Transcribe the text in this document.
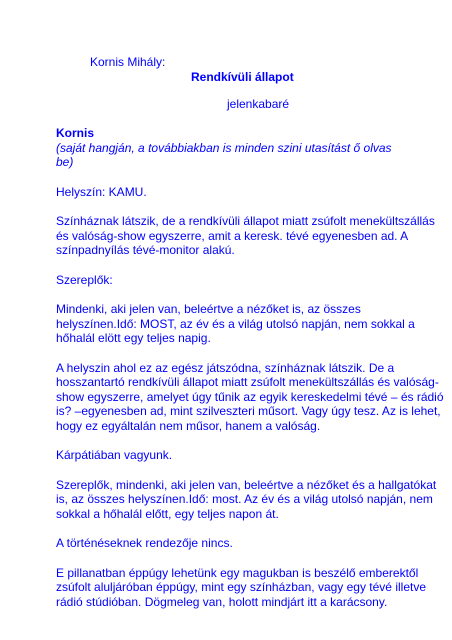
Kornis Mihály:
Rendkívüli állapot
jelenkabaré
Kornis

(saját hangján, a továbbiakban is minden szini utasítást ő olvas be)

Helyszín: KAMU.

Színháznak látszik, de a rendkívüli állapot miatt zsúfolt menekültszállás
és valóság-show egyszerre, amit a keresk. tévé egyenesben ad. A
színpadnyílás tévé-monitor alakú.

Szereplők:

Mindenki, aki jelen van, beleértve a nézőket is, az összes
helyszínen.Idő: MOST, az év és a világ utolsó napján, nem sokkal a
hőhalál elött egy teljes napig.

A helyszin ahol ez az egész játszódna, színháznak látszik. De a
hosszantartó rendkívüli állapot miatt zsúfolt menekültszállás és valóság-
show egyszerre, amelyet úgy tűnik az egyik kereskedelmi tévé – és rádió
is? –egyenesben ad, mint szilveszteri műsort. Vagy úgy tesz. Az is lehet,
hogy ez egyáltalán nem műsor, hanem a valóság.

Kárpátiában vagyunk.

Szereplők, mindenki, aki jelen van, beleértve a nézőket és a hallgatókat
is, az összes helyszínen.Idő: most. Az év és a világ utolsó napján, nem
sokkal a hőhalál előtt, egy teljes napon át.

A történéseknek rendezője nincs.

E pillanatban éppúgy lehetünk egy magukban is beszélő emberektől
zsúfolt aluljáróban éppúgy, mint egy színházban, vagy egy tévé illetve
rádió stúdióban. Dögmeleg van, holott mindjárt itt a karácsony.
